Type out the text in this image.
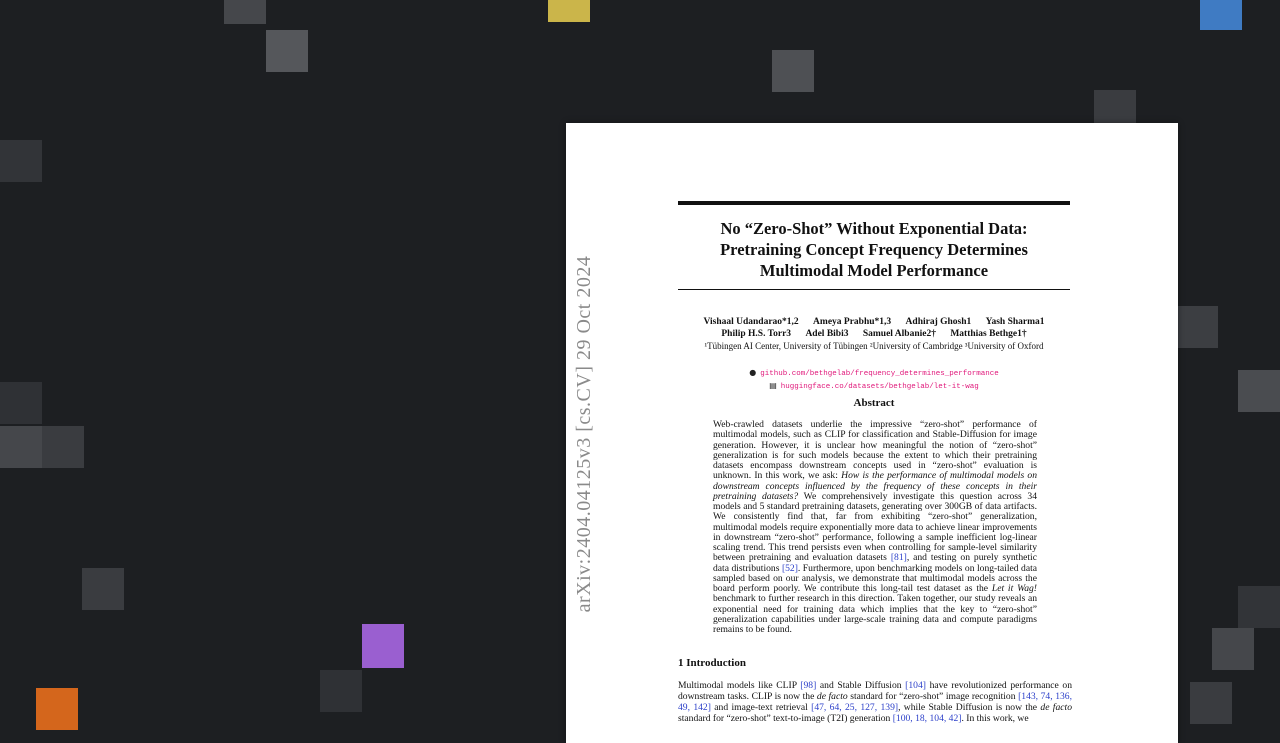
arXiv:2404.04125v3 [cs.CV] 29 Oct 2024
No “Zero-Shot” Without Exponential Data:
Pretraining Concept Frequency Determines
Multimodal Model Performance
Vishaal Udandarao*1,2 Ameya Prabhu*1,3 Adhiraj Ghosh1 Yash Sharma1
Philip H.S. Torr3 Adel Bibi3 Samuel Albanie2† Matthias Bethge1†
¹Tübingen AI Center, University of Tübingen ²University of Cambridge ³University of Oxford
● github.com/bethgelab/frequency_determines_performance
▤ huggingface.co/datasets/bethgelab/let-it-wag
Abstract
Web-crawled datasets underlie the impressive “zero-shot” performance of multimodal models, such as CLIP for classification and Stable-Diffusion for image generation. However, it is unclear how meaningful the notion of “zero-shot” generalization is for such models because the extent to which their pretraining datasets encompass downstream concepts used in “zero-shot” evaluation is unknown. In this work, we ask: How is the performance of multimodal models on downstream concepts influenced by the frequency of these concepts in their pretraining datasets? We comprehensively investigate this question across 34 models and 5 standard pretraining datasets, generating over 300GB of data artifacts. We consistently find that, far from exhibiting “zero-shot” generalization, multimodal models require exponentially more data to achieve linear improvements in downstream “zero-shot” performance, following a sample inefficient log-linear scaling trend. This trend persists even when controlling for sample-level similarity between pretraining and evaluation datasets [81], and testing on purely synthetic data distributions [52]. Furthermore, upon benchmarking models on long-tailed data sampled based on our analysis, we demonstrate that multimodal models across the board perform poorly. We contribute this long-tail test dataset as the Let it Wag! benchmark to further research in this direction. Taken together, our study reveals an exponential need for training data which implies that the key to “zero-shot” generalization capabilities under large-scale training data and compute paradigms remains to be found.
1 Introduction
Multimodal models like CLIP [98] and Stable Diffusion [104] have revolutionized performance on downstream tasks. CLIP is now the de facto standard for “zero-shot” image recognition [143, 74, 136, 49, 142] and image-text retrieval [47, 64, 25, 127, 139], while Stable Diffusion is now the de facto standard for “zero-shot” text-to-image (T2I) generation [100, 18, 104, 42]. In this work, we
